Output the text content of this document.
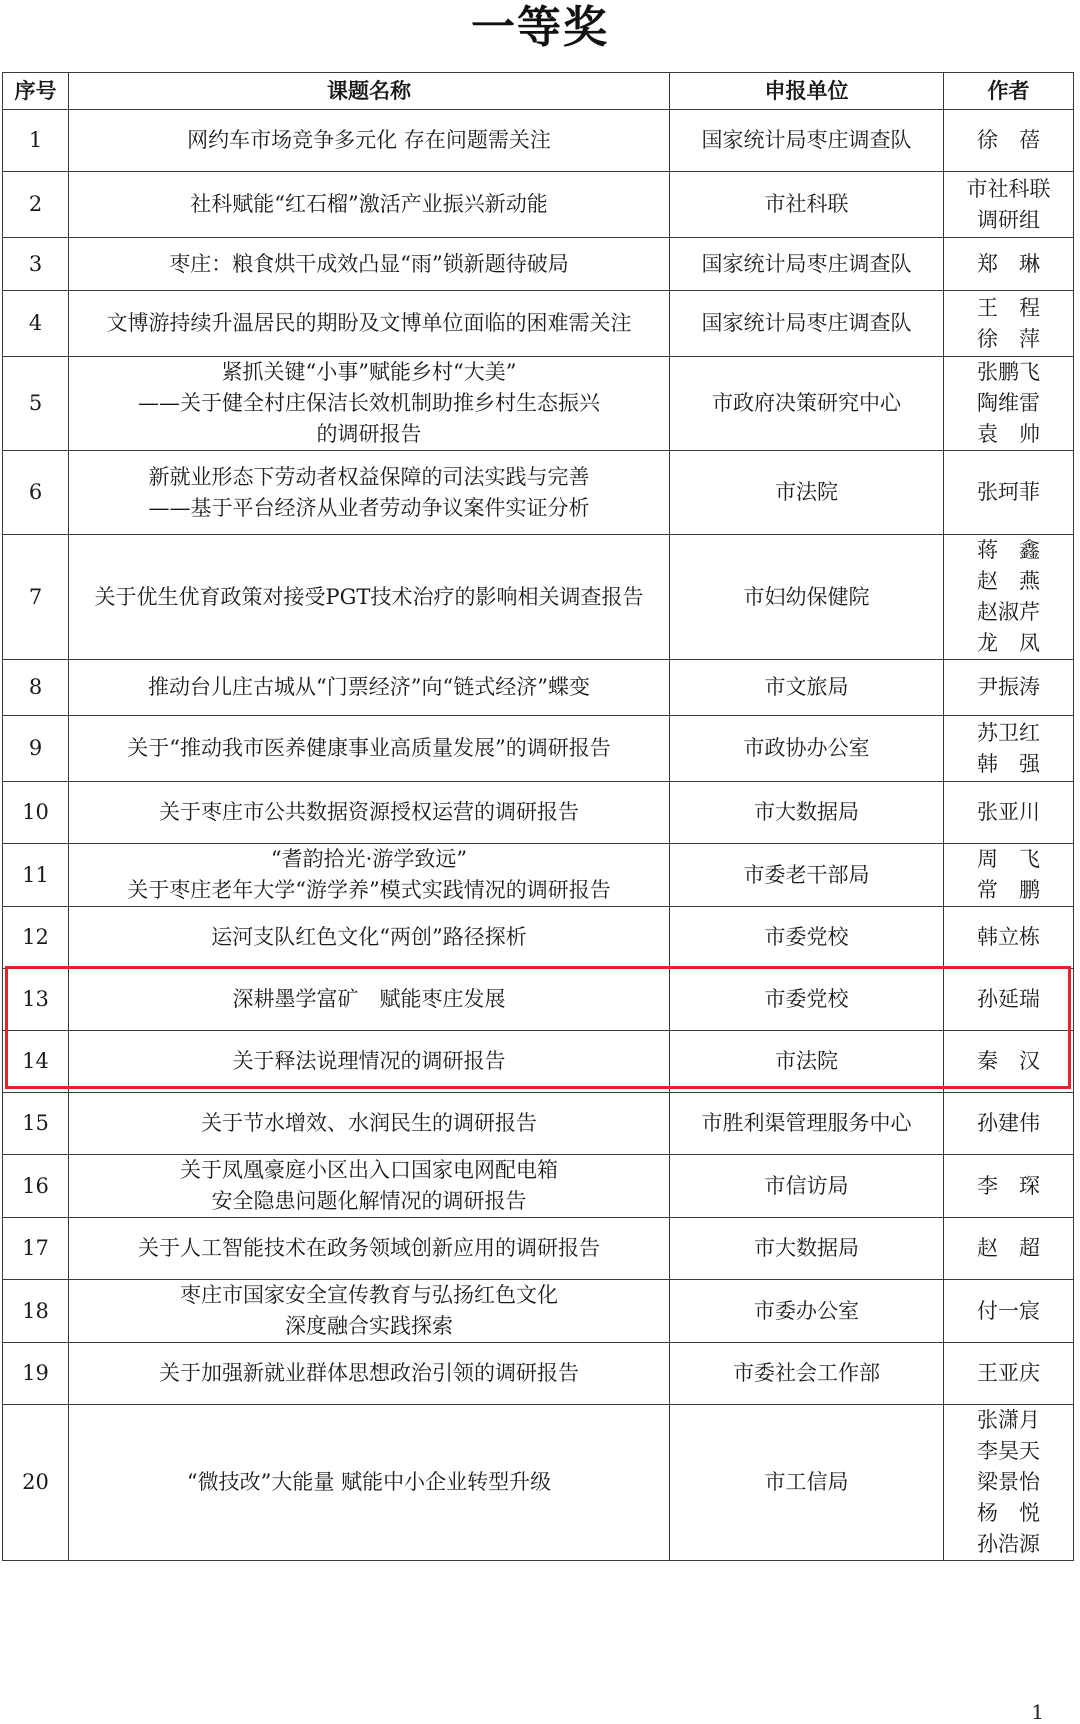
一等奖
序号	课题名称	申报单位	作者
1	网约车市场竞争多元化 存在问题需关注	国家统计局枣庄调查队	徐　蓓

2	社科赋能“红石榴”激活产业振兴新动能	市社科联	市社科联
调研组

3	枣庄：粮食烘干成效凸显“雨”锁新题待破局	国家统计局枣庄调查队	郑　琳

4	文博游持续升温居民的期盼及文博单位面临的困难需关注	国家统计局枣庄调查队	王　程
徐　萍

5	紧抓关键“小事”赋能乡村“大美”
——关于健全村庄保洁长效机制助推乡村生态振兴
的调研报告	市政府决策研究中心	张鹏飞
陶维雷
袁　帅

6	新就业形态下劳动者权益保障的司法实践与完善
——基于平台经济从业者劳动争议案件实证分析	市法院	张珂菲

7	关于优生优育政策对接受PGT技术治疗的影响相关调查报告	市妇幼保健院	蒋　鑫
赵　燕
赵淑芹
龙　凤

8	推动台儿庄古城从“门票经济”向“链式经济”蝶变	市文旅局	尹振涛

9	关于“推动我市医养健康事业高质量发展”的调研报告	市政协办公室	苏卫红
韩　强

10	关于枣庄市公共数据资源授权运营的调研报告	市大数据局	张亚川

11	“耆韵拾光·游学致远”
关于枣庄老年大学“游学养”模式实践情况的调研报告	市委老干部局	周　飞
常　鹏

12	运河支队红色文化“两创”路径探析	市委党校	韩立栋

13	深耕墨学富矿　赋能枣庄发展	市委党校	孙延瑞

14	关于释法说理情况的调研报告	市法院	秦　汉

15	关于节水增效、水润民生的调研报告	市胜利渠管理服务中心	孙建伟

16	关于凤凰豪庭小区出入口国家电网配电箱
安全隐患问题化解情况的调研报告	市信访局	李　琛

17	关于人工智能技术在政务领域创新应用的调研报告	市大数据局	赵　超

18	枣庄市国家安全宣传教育与弘扬红色文化
深度融合实践探索	市委办公室	付一宸

19	关于加强新就业群体思想政治引领的调研报告	市委社会工作部	王亚庆

20	“微技改”大能量 赋能中小企业转型升级	市工信局	张潇月
李昊天
梁景怡
杨　悦
孙浩源
1
